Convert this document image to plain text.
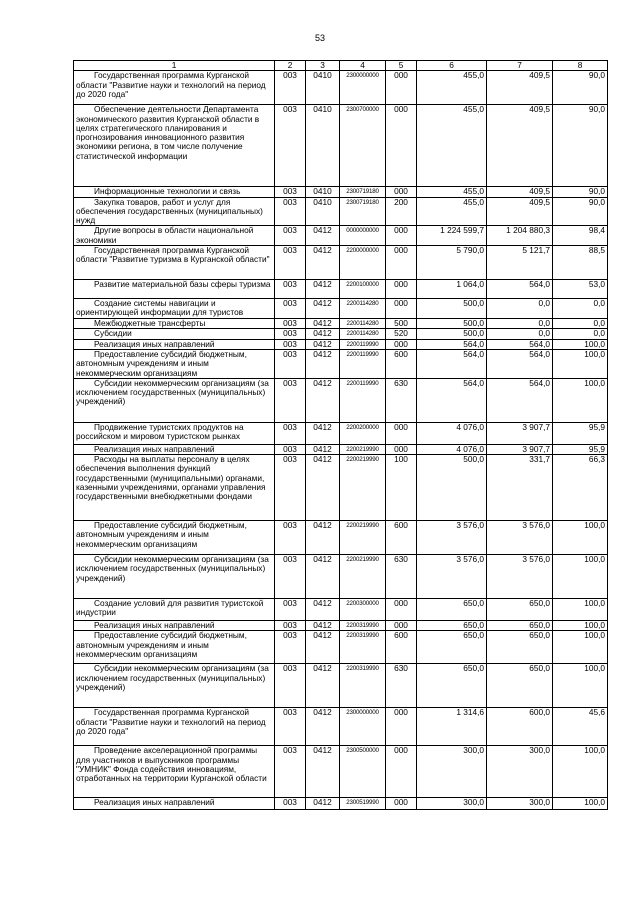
53
1	2	3	4	5	6	7	8

Государственная программа Курганской области "Развитие науки и технологий на период до 2020 года"	003	0410	2300000000	000	455,0	409,5	90,0

Обеспечение деятельности Департамента экономического развития Курганской области в целях стратегического планирования и прогнозирования инновационного развития экономики региона, в том числе получение статистической информации	003	0410	2300700000	000	455,0	409,5	90,0

Информационные технологии и связь	003	0410	2300719180	000	455,0	409,5	90,0

Закупка товаров, работ и услуг для обеспечения государственных (муниципальных) нужд	003	0410	2300719180	200	455,0	409,5	90,0

Другие вопросы в области национальной экономики	003	0412	0000000000	000	1 224 599,7	1 204 880,3	98,4

Государственная программа Курганской области "Развитие туризма в Курганской области"	003	0412	2200000000	000	5 790,0	5 121,7	88,5

Развитие материальной базы сферы туризма	003	0412	2200100000	000	1 064,0	564,0	53,0

Создание системы навигации и ориентирующей информации для туристов	003	0412	2200114280	000	500,0	0,0	0,0

Межбюджетные трансферты	003	0412	2200114280	500	500,0	0,0	0,0

Субсидии	003	0412	2200114280	520	500,0	0,0	0,0

Реализация иных направлений	003	0412	2200119990	000	564,0	564,0	100,0

Предоставление субсидий бюджетным, автономным учреждениям и иным некоммерческим организациям	003	0412	2200119990	600	564,0	564,0	100,0

Субсидии некоммерческим организациям (за исключением государственных (муниципальных) учреждений)	003	0412	2200119990	630	564,0	564,0	100,0

Продвижение туристских продуктов на российском и мировом туристском рынках	003	0412	2200200000	000	4 076,0	3 907,7	95,9

Реализация иных направлений	003	0412	2200219990	000	4 076,0	3 907,7	95,9

Расходы на выплаты персоналу в целях обеспечения выполнения функций государственными (муниципальными) органами, казенными учреждениями, органами управления государственными внебюджетными фондами	003	0412	2200219990	100	500,0	331,7	66,3

Предоставление субсидий бюджетным, автономным учреждениям и иным некоммерческим организациям	003	0412	2200219990	600	3 576,0	3 576,0	100,0

Субсидии некоммерческим организациям (за исключением государственных (муниципальных) учреждений)	003	0412	2200219990	630	3 576,0	3 576,0	100,0

Создание условий для развития туристской индустрии	003	0412	2200300000	000	650,0	650,0	100,0

Реализация иных направлений	003	0412	2200319990	000	650,0	650,0	100,0

Предоставление субсидий бюджетным, автономным учреждениям и иным некоммерческим организациям	003	0412	2200319990	600	650,0	650,0	100,0

Субсидии некоммерческим организациям (за исключением государственных (муниципальных) учреждений)	003	0412	2200319990	630	650,0	650,0	100,0

Государственная программа Курганской области "Развитие науки и технологий на период до 2020 года"	003	0412	2300000000	000	1 314,6	600,0	45,6

Проведение акселерационной программы для участников и выпускников программы "УМНИК" Фонда содействия инновациям, отработанных на территории Курганской области	003	0412	2300500000	000	300,0	300,0	100,0

Реализация иных направлений	003	0412	2300519990	000	300,0	300,0	100,0
